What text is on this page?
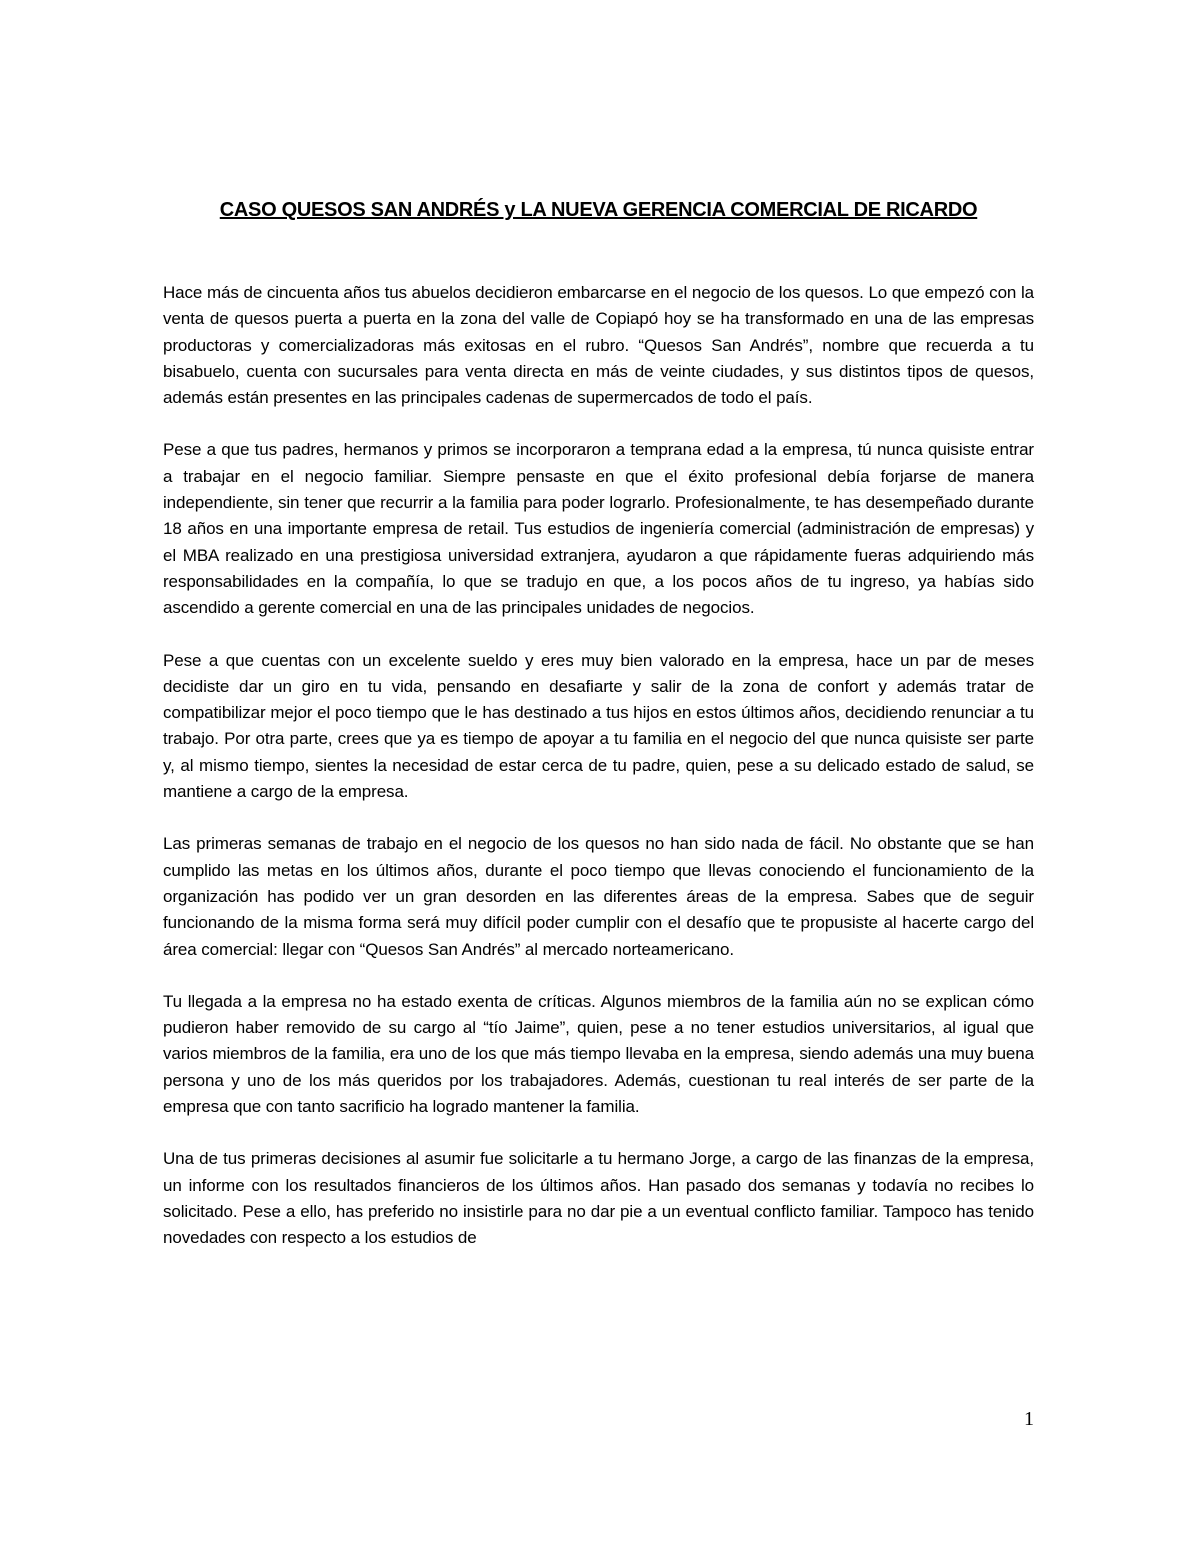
CASO QUESOS SAN ANDRÉS y LA NUEVA GERENCIA COMERCIAL DE RICARDO

Hace más de cincuenta años tus abuelos decidieron embarcarse en el negocio de los quesos. Lo que empezó con la venta de quesos puerta a puerta en la zona del valle de Copiapó hoy se ha transformado en una de las empresas productoras y comercializadoras más exitosas en el rubro. “Quesos San Andrés”, nombre que recuerda a tu bisabuelo, cuenta con sucursales para venta directa en más de veinte ciudades, y sus distintos tipos de quesos, además están presentes en las principales cadenas de supermercados de todo el país.

Pese a que tus padres, hermanos y primos se incorporaron a temprana edad a la empresa, tú nunca quisiste entrar a trabajar en el negocio familiar. Siempre pensaste en que el éxito profesional debía forjarse de manera independiente, sin tener que recurrir a la familia para poder lograrlo. Profesionalmente, te has desempeñado durante 18 años en una importante empresa de retail. Tus estudios de ingeniería comercial (administración de empresas) y el MBA realizado en una prestigiosa universidad extranjera, ayudaron a que rápidamente fueras adquiriendo más responsabilidades en la compañía, lo que se tradujo en que, a los pocos años de tu ingreso, ya habías sido ascendido a gerente comercial en una de las principales unidades de negocios.

Pese a que cuentas con un excelente sueldo y eres muy bien valorado en la empresa, hace un par de meses decidiste dar un giro en tu vida, pensando en desafiarte y salir de la zona de confort y además tratar de compatibilizar mejor el poco tiempo que le has destinado a tus hijos en estos últimos años, decidiendo renunciar a tu trabajo. Por otra parte, crees que ya es tiempo de apoyar a tu familia en el negocio del que nunca quisiste ser parte y, al mismo tiempo, sientes la necesidad de estar cerca de tu padre, quien, pese a su delicado estado de salud, se mantiene a cargo de la empresa.

Las primeras semanas de trabajo en el negocio de los quesos no han sido nada de fácil. No obstante que se han cumplido las metas en los últimos años, durante el poco tiempo que llevas conociendo el funcionamiento de la organización has podido ver un gran desorden en las diferentes áreas de la empresa. Sabes que de seguir funcionando de la misma forma será muy difícil poder cumplir con el desafío que te propusiste al hacerte cargo del área comercial: llegar con “Quesos San Andrés” al mercado norteamericano.

Tu llegada a la empresa no ha estado exenta de críticas. Algunos miembros de la familia aún no se explican cómo pudieron haber removido de su cargo al “tío Jaime”, quien, pese a no tener estudios universitarios, al igual que varios miembros de la familia, era uno de los que más tiempo llevaba en la empresa, siendo además una muy buena persona y uno de los más queridos por los trabajadores. Además, cuestionan tu real interés de ser parte de la empresa que con tanto sacrificio ha logrado mantener la familia.

Una de tus primeras decisiones al asumir fue solicitarle a tu hermano Jorge, a cargo de las finanzas de la empresa, un informe con los resultados financieros de los últimos años. Han pasado dos semanas y todavía no recibes lo solicitado. Pese a ello, has preferido no insistirle para no dar pie a un eventual conflicto familiar. Tampoco has tenido novedades con respecto a los estudios de

1
